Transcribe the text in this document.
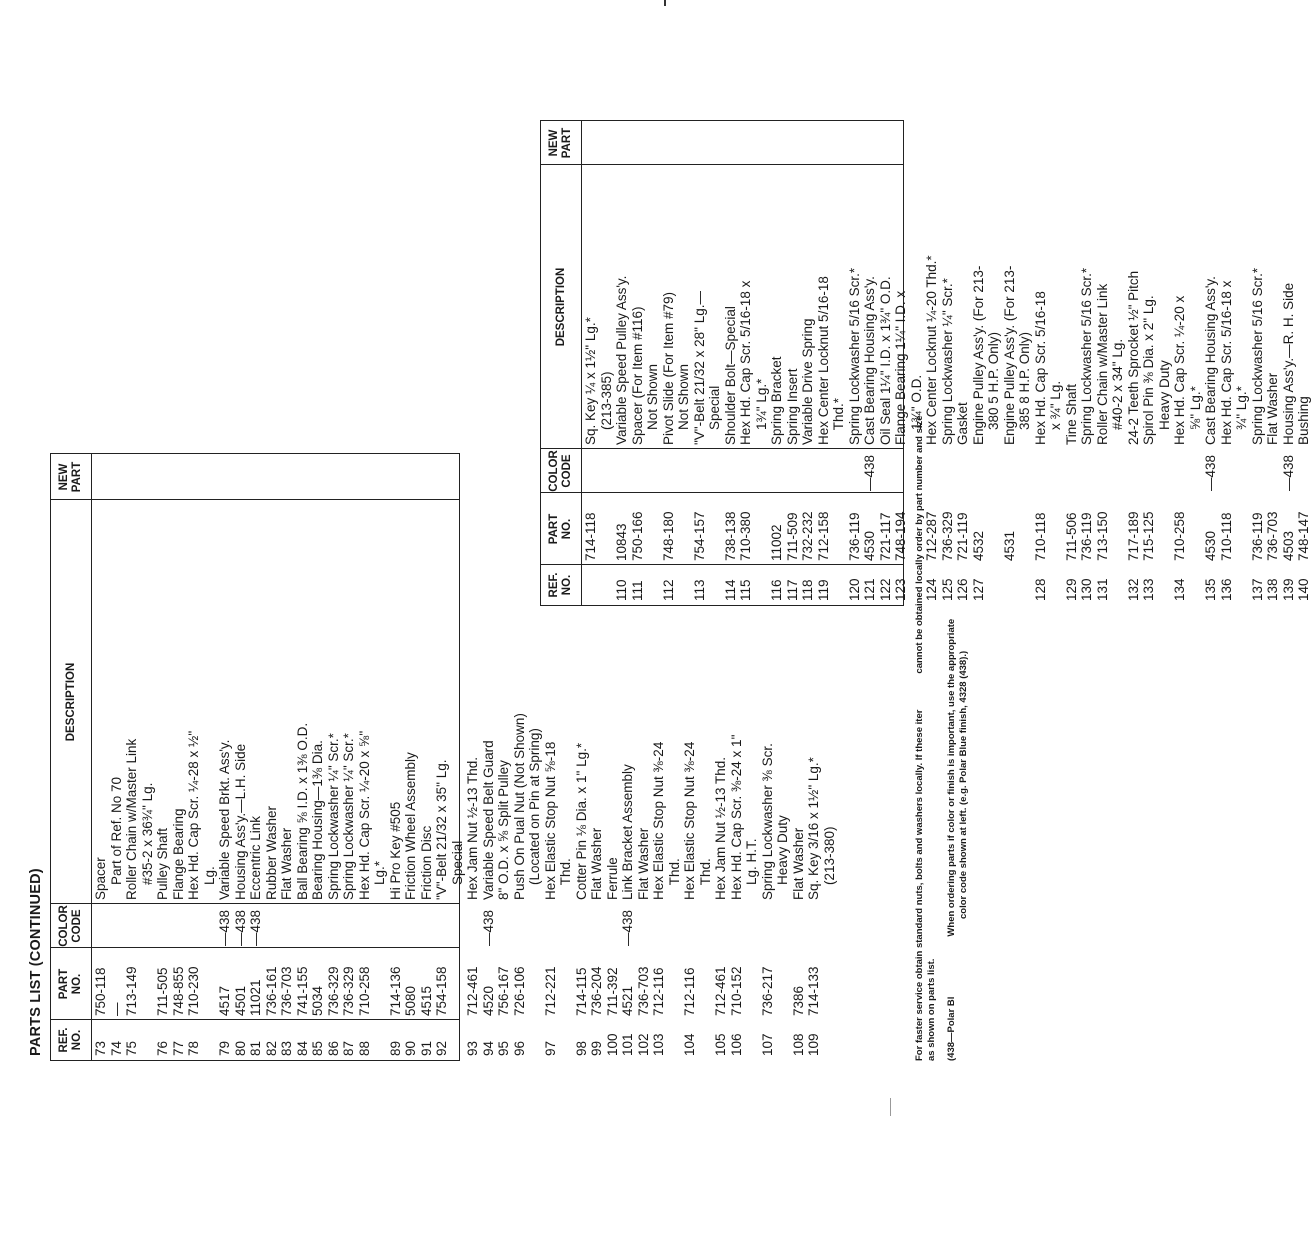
PARTS LIST (CONTINUED) REF. NO.
PART NO.
COLOR CODE
DESCRIPTION
NEW PART
73
750-118
Spacer
74
—
Part of Ref. No 70
75
713-149
Roller Chain w/Master Link #35-2 x 36¾" Lg.
76
711-505
Pulley Shaft
77
748-855
Flange Bearing
78
710-230
Hex Hd. Cap Scr. ¼-28 x ½" Lg.
79
4517
—438
Variable Speed Brkt. Ass'y.
80
4501
—438
Housing Ass'y.—L.H. Side
81
11021
—438
Eccentric Link
82
736-161
Rubber Washer
83
736-703
Flat Washer
84
741-155
Ball Bearing ⅝ I.D. x 1⅜ O.D.
85
5034
Bearing Housing—1⅜ Dia.
86
736-329
Spring Lockwasher ¼" Scr.*
87
736-329
Spring Lockwasher ¼" Scr.*
88
710-258
Hex Hd. Cap Scr. ¼-20 x ⅝" Lg.*
89
714-136
Hi Pro Key #505
90
5080
Friction Wheel Assembly
91
4515
Friction Disc
92
754-158
"V"-Belt 21/32 x 35" Lg. Special
93
712-461
Hex Jam Nut ½-13 Thd.
94
4520
—438
Variable Speed Belt Guard
95
756-167
8" O.D. x ⅝ Split Pulley
96
726-106
Push On Pual Nut (Not Shown) (Located on Pin at Spring)
97
712-221
Hex Elastic Stop Nut ⅝-18 Thd.
98
714-115
Cotter Pin ⅛ Dia. x 1" Lg.*
99
736-204
Flat Washer
100
711-392
Ferrule
101
4521
—438
Link Bracket Assembly
102
736-703
Flat Washer
103
712-116
Hex Elastic Stop Nut ⅜-24 Thd.
104
712-116
Hex Elastic Stop Nut ⅜-24 Thd.
105
712-461
Hex Jam Nut ½-13 Thd.
106
710-152
Hex Hd. Cap Scr. ⅜-24 x 1" Lg. H.T.
107
736-217
Spring Lockwasher ⅜ Scr. Heavy Duty
108
7386
Flat Washer
109
714-133
Sq. Key 3/16 x 1½" Lg.* (213-380)
REF. NO.
PART NO.
COLOR CODE
DESCRIPTION
NEW PART
714-118
Sq. Key ¼ x 1½" Lg.* (213-385)
110
10843
Variable Speed Pulley Ass'y.
111
750-166
Spacer (For Item #116) Not Shown
112
748-180
Pivot Slide (For Item #79) Not Shown
113
754-157
"V"-Belt 21/32 x 28" Lg.— Special
114
738-138
Shoulder Bolt—Special
115
710-380
Hex Hd. Cap Scr. 5/16-18 x 1¾" Lg.*
116
11002
Spring Bracket
117
711-509
Spring Insert
118
732-232
Variable Drive Spring
119
712-158
Hex Center Locknut 5/16-18 Thd.*
120
736-119
Spring Lockwasher 5/16 Scr.*
121
4530
—438
Cast Bearing Housing Ass'y.
122
721-117
Oil Seal 1¼" I.D. x 1¾" O.D.
123
748-194
Flange Bearing 1¼" I.D. x 1¾" O.D.
124
712-287
Hex Center Locknut ¼-20 Thd.*
125
736-329
Spring Lockwasher ¼" Scr.*
126
721-119
Gasket
127
4532
Engine Pulley Ass'y. (For 213- 380 5 H.P. Only)
4531
Engine Pulley Ass'y. (For 213- 385 8 H.P. Only)
128
710-118
Hex Hd. Cap Scr. 5/16-18 x ¾" Lg.
129
711-506
Tine Shaft
130
736-119
Spring Lockwasher 5/16 Scr.*
131
713-150
Roller Chain w/Master Link #40-2 x 34" Lg.
132
717-189
24-2 Teeth Sprocket ½" Pitch
133
715-125
Spirol Pin ⅜ Dia. x 2" Lg. Heavy Duty
134
710-258
Hex Hd. Cap Scr. ¼-20 x ⅝" Lg.*
135
4530
—438
Cast Bearing Housing Ass'y.
136
710-118
Hex Hd. Cap Scr. 5/16-18 x ¾" Lg.*
137
736-119
Spring Lockwasher 5/16 Scr.*
138
736-703
Flat Washer
139
4503
—438
Housing Ass'y.—R. H. Side
140
748-147
Bushing
For faster service obtain standard nuts, bolts and washers locally. If these itercannot be obtained locally order by part number and size
as shown on parts list. (438—Polar BlWhen ordering parts if color or finish is important, use the appropriate color code shown at left. (e.g. Polar Blue finish, 4328 (438).)
